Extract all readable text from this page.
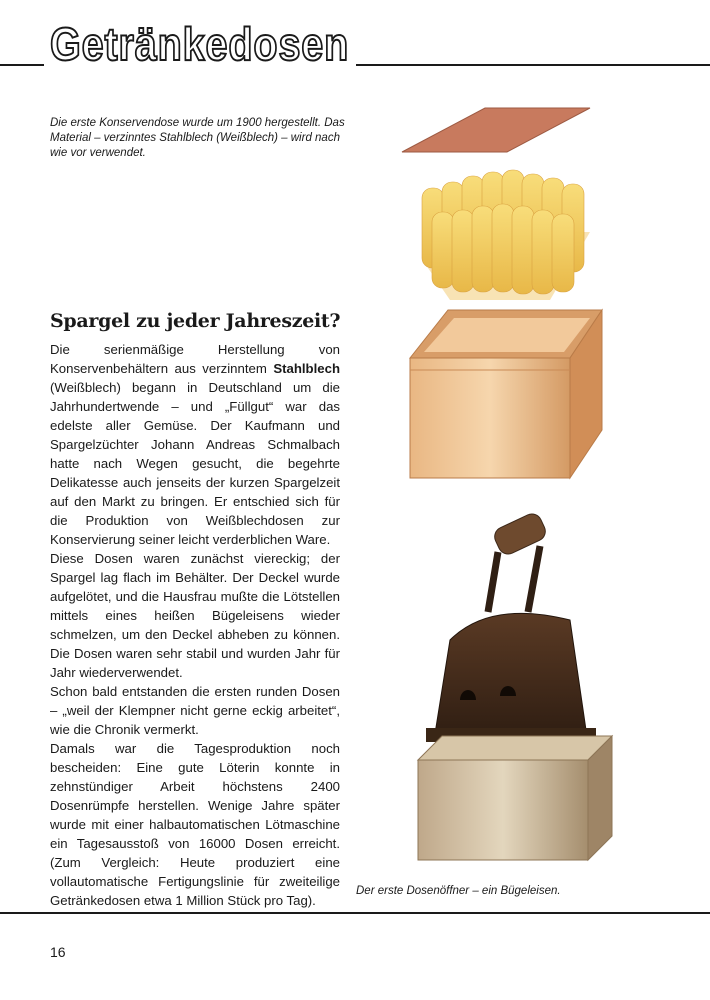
Getränkedosen

Die erste Konservendose wurde um 1900 hergestellt. Das Material – verzinntes Stahlblech (Weißblech) – wird nach wie vor verwendet.

Spargel zu jeder Jahreszeit?

Die serienmäßige Herstellung von Konservenbehältern aus verzinntem Stahlblech (Weißblech) begann in Deutschland um die Jahrhundertwende – und „Füllgut“ war das edelste aller Gemüse. Der Kaufmann und Spargelzüchter Johann Andreas Schmalbach hatte nach Wegen gesucht, die begehrte Delikatesse auch jenseits der kurzen Spargelzeit auf den Markt zu bringen. Er entschied sich für die Produktion von Weißblechdosen zur Konservierung seiner leicht verderblichen Ware.

Diese Dosen waren zunächst viereckig; der Spargel lag flach im Behälter. Der Deckel wurde aufgelötet, und die Hausfrau mußte die Lötstellen mittels eines heißen Bügeleisens wieder schmelzen, um den Deckel abheben zu können. Die Dosen waren sehr stabil und wurden Jahr für Jahr wiederverwendet.

Schon bald entstanden die ersten runden Dosen – „weil der Klempner nicht gerne eckig arbeitet“, wie die Chronik vermerkt.

Damals war die Tagesproduktion noch bescheiden: Eine gute Löterin konnte in zehnstündiger Arbeit höchstens 2400 Dosenrümpfe herstellen. Wenige Jahre später wurde mit einer halbautomatischen Lötmaschine ein Tagesausstoß von 16000 Dosen erreicht. (Zum Vergleich: Heute produziert eine vollautomatische Fertigungslinie für zweiteilige Getränkedosen etwa 1 Million Stück pro Tag).

Der erste Dosenöffner – ein Bügeleisen.

16
